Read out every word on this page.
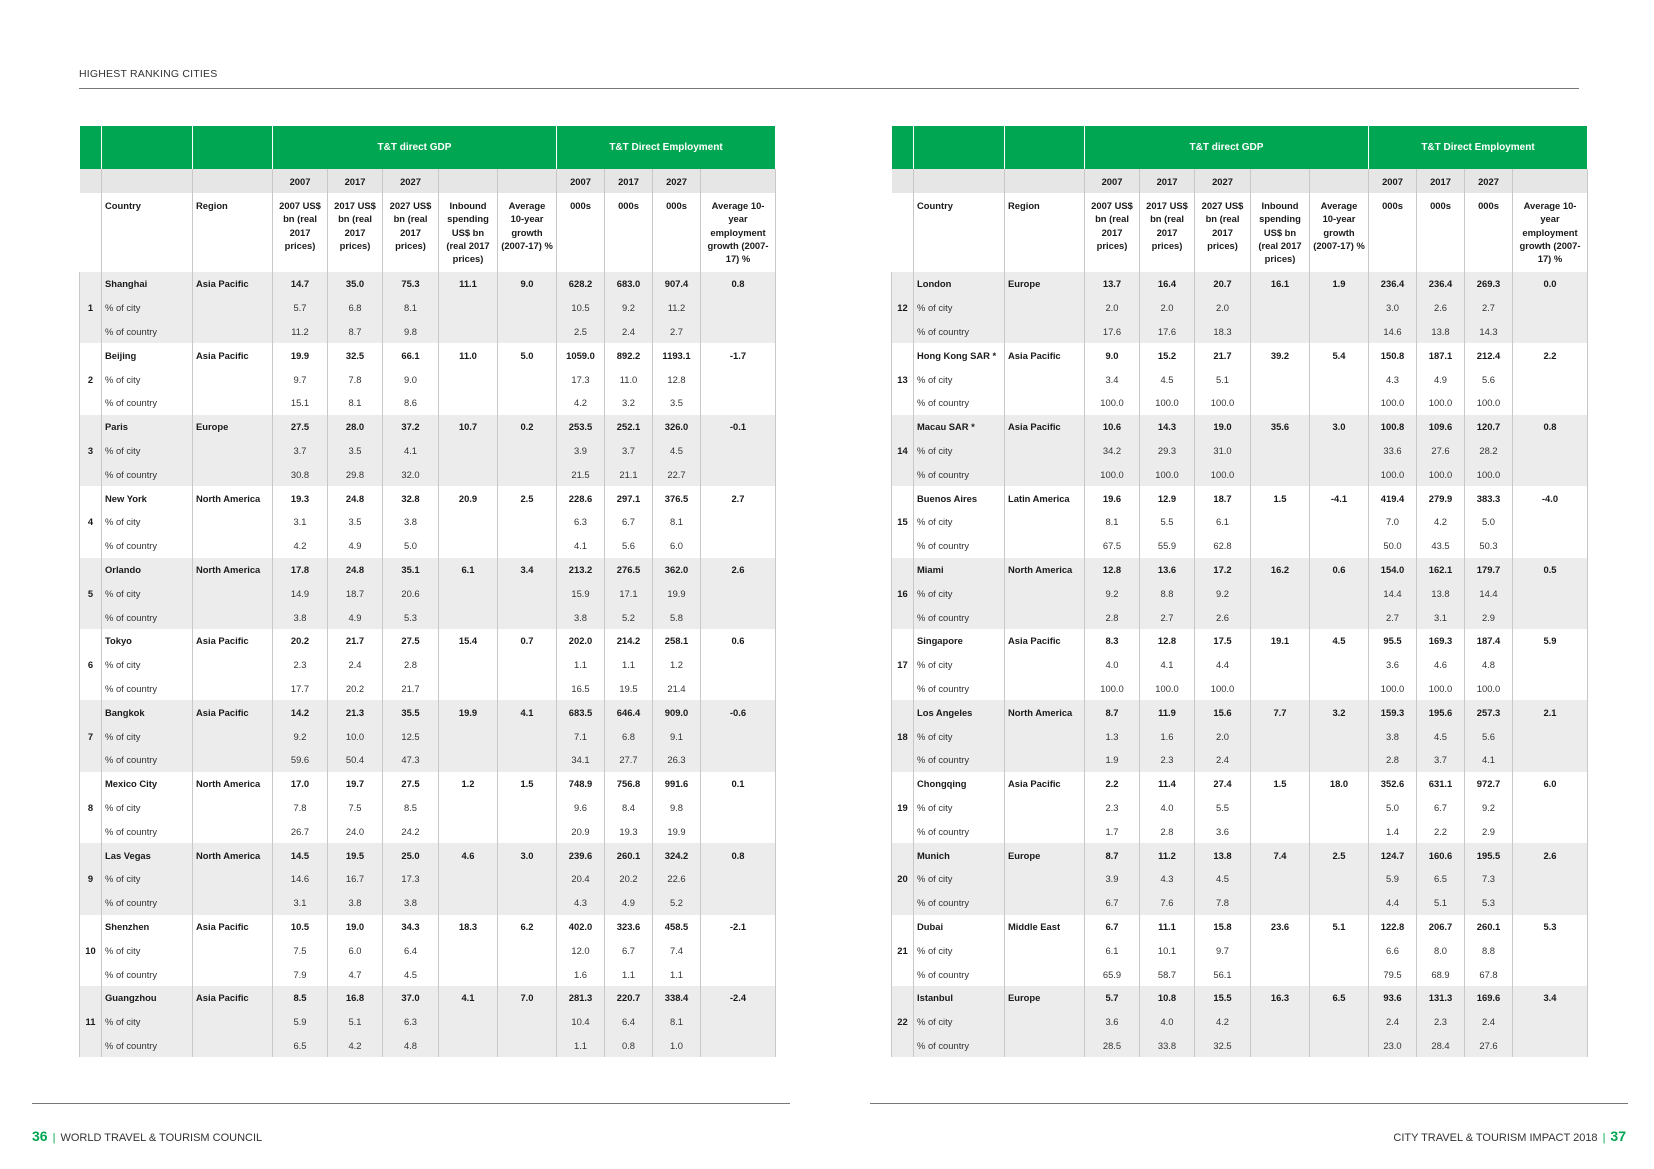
HIGHEST RANKING CITIES
			T&T direct GDP					T&T Direct Employment			
			2007	2017	2027			2007	2017	2027	
	Country	Region	2007 US$ bn (real 2017 prices)	2017 US$ bn (real 2017 prices)	2027 US$ bn (real 2017 prices)	Inbound spending US$ bn (real 2017 prices)	Average 10-year growth (2007-17) %	000s	000s	000s	Average 10-year employment growth (2007-17) %
1	Shanghai	Asia Pacific	14.7	35.0	75.3	11.1	9.0	628.2	683.0	907.4	0.8
	% of city		5.7	6.8	8.1			10.5	9.2	11.2	
	% of country		11.2	8.7	9.8			2.5	2.4	2.7	
2	Beijing	Asia Pacific	19.9	32.5	66.1	11.0	5.0	1059.0	892.2	1193.1	-1.7
	% of city		9.7	7.8	9.0			17.3	11.0	12.8	
	% of country		15.1	8.1	8.6			4.2	3.2	3.5	
3	Paris	Europe	27.5	28.0	37.2	10.7	0.2	253.5	252.1	326.0	-0.1
	% of city		3.7	3.5	4.1			3.9	3.7	4.5	
	% of country		30.8	29.8	32.0			21.5	21.1	22.7	
4	New York	North America	19.3	24.8	32.8	20.9	2.5	228.6	297.1	376.5	2.7
	% of city		3.1	3.5	3.8			6.3	6.7	8.1	
	% of country		4.2	4.9	5.0			4.1	5.6	6.0	
5	Orlando	North America	17.8	24.8	35.1	6.1	3.4	213.2	276.5	362.0	2.6
	% of city		14.9	18.7	20.6			15.9	17.1	19.9	
	% of country		3.8	4.9	5.3			3.8	5.2	5.8	
6	Tokyo	Asia Pacific	20.2	21.7	27.5	15.4	0.7	202.0	214.2	258.1	0.6
	% of city		2.3	2.4	2.8			1.1	1.1	1.2	
	% of country		17.7	20.2	21.7			16.5	19.5	21.4	
7	Bangkok	Asia Pacific	14.2	21.3	35.5	19.9	4.1	683.5	646.4	909.0	-0.6
	% of city		9.2	10.0	12.5			7.1	6.8	9.1	
	% of country		59.6	50.4	47.3			34.1	27.7	26.3	
8	Mexico City	North America	17.0	19.7	27.5	1.2	1.5	748.9	756.8	991.6	0.1
	% of city		7.8	7.5	8.5			9.6	8.4	9.8	
	% of country		26.7	24.0	24.2			20.9	19.3	19.9	
9	Las Vegas	North America	14.5	19.5	25.0	4.6	3.0	239.6	260.1	324.2	0.8
	% of city		14.6	16.7	17.3			20.4	20.2	22.6	
	% of country		3.1	3.8	3.8			4.3	4.9	5.2	
10	Shenzhen	Asia Pacific	10.5	19.0	34.3	18.3	6.2	402.0	323.6	458.5	-2.1
	% of city		7.5	6.0	6.4			12.0	6.7	7.4	
	% of country		7.9	4.7	4.5			1.6	1.1	1.1	
11	Guangzhou	Asia Pacific	8.5	16.8	37.0	4.1	7.0	281.3	220.7	338.4	-2.4
	% of city		5.9	5.1	6.3			10.4	6.4	8.1	
	% of country		6.5	4.2	4.8			1.1	0.8	1.0	
			T&T direct GDP					T&T Direct Employment			
			2007	2017	2027			2007	2017	2027	
	Country	Region	2007 US$ bn (real 2017 prices)	2017 US$ bn (real 2017 prices)	2027 US$ bn (real 2017 prices)	Inbound spending US$ bn (real 2017 prices)	Average 10-year growth (2007-17) %	000s	000s	000s	Average 10-year employment growth (2007-17) %
12	London	Europe	13.7	16.4	20.7	16.1	1.9	236.4	236.4	269.3	0.0
	% of city		2.0	2.0	2.0			3.0	2.6	2.7	
	% of country		17.6	17.6	18.3			14.6	13.8	14.3	
13	Hong Kong SAR *	Asia Pacific	9.0	15.2	21.7	39.2	5.4	150.8	187.1	212.4	2.2
	% of city		3.4	4.5	5.1			4.3	4.9	5.6	
	% of country		100.0	100.0	100.0			100.0	100.0	100.0	
14	Macau SAR *	Asia Pacific	10.6	14.3	19.0	35.6	3.0	100.8	109.6	120.7	0.8
	% of city		34.2	29.3	31.0			33.6	27.6	28.2	
	% of country		100.0	100.0	100.0			100.0	100.0	100.0	
15	Buenos Aires	Latin America	19.6	12.9	18.7	1.5	-4.1	419.4	279.9	383.3	-4.0
	% of city		8.1	5.5	6.1			7.0	4.2	5.0	
	% of country		67.5	55.9	62.8			50.0	43.5	50.3	
16	Miami	North America	12.8	13.6	17.2	16.2	0.6	154.0	162.1	179.7	0.5
	% of city		9.2	8.8	9.2			14.4	13.8	14.4	
	% of country		2.8	2.7	2.6			2.7	3.1	2.9	
17	Singapore	Asia Pacific	8.3	12.8	17.5	19.1	4.5	95.5	169.3	187.4	5.9
	% of city		4.0	4.1	4.4			3.6	4.6	4.8	
	% of country		100.0	100.0	100.0			100.0	100.0	100.0	
18	Los Angeles	North America	8.7	11.9	15.6	7.7	3.2	159.3	195.6	257.3	2.1
	% of city		1.3	1.6	2.0			3.8	4.5	5.6	
	% of country		1.9	2.3	2.4			2.8	3.7	4.1	
19	Chongqing	Asia Pacific	2.2	11.4	27.4	1.5	18.0	352.6	631.1	972.7	6.0
	% of city		2.3	4.0	5.5			5.0	6.7	9.2	
	% of country		1.7	2.8	3.6			1.4	2.2	2.9	
20	Munich	Europe	8.7	11.2	13.8	7.4	2.5	124.7	160.6	195.5	2.6
	% of city		3.9	4.3	4.5			5.9	6.5	7.3	
	% of country		6.7	7.6	7.8			4.4	5.1	5.3	
21	Dubai	Middle East	6.7	11.1	15.8	23.6	5.1	122.8	206.7	260.1	5.3
	% of city		6.1	10.1	9.7			6.6	8.0	8.8	
	% of country		65.9	58.7	56.1			79.5	68.9	67.8	
22	Istanbul	Europe	5.7	10.8	15.5	16.3	6.5	93.6	131.3	169.6	3.4
	% of city		3.6	4.0	4.2			2.4	2.3	2.4	
	% of country		28.5	33.8	32.5			23.0	28.4	27.6	
36 | WORLD TRAVEL & TOURISM COUNCIL	CITY TRAVEL & TOURISM IMPACT 2018 | 37
